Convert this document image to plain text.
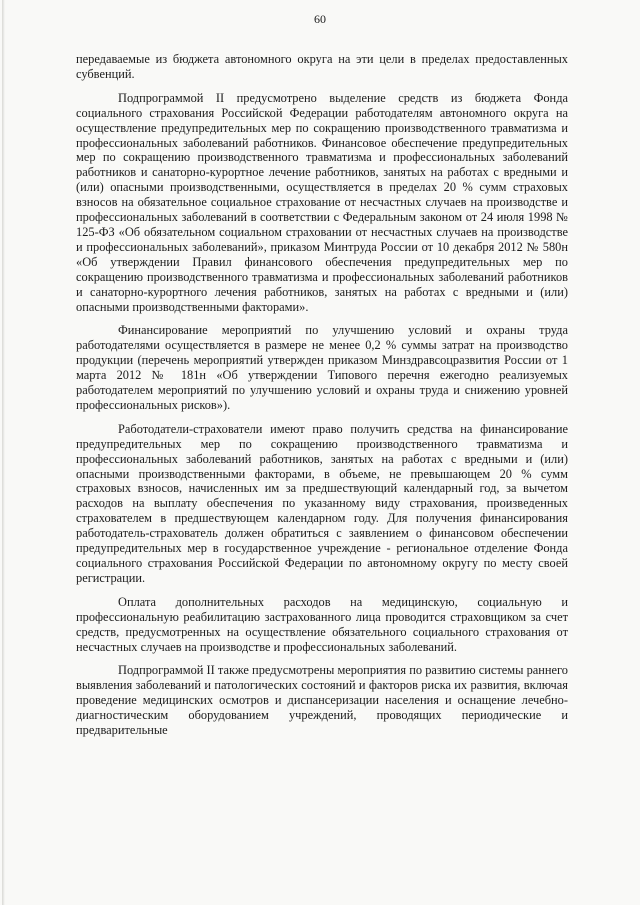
60

передаваемые из бюджета автономного округа на эти цели в пределах предоставленных субвенций.

Подпрограммой II предусмотрено выделение средств из бюджета Фонда социального страхования Российской Федерации работодателям автономного округа на осуществление предупредительных мер по сокращению производственного травматизма и профессиональных заболеваний работников. Финансовое обеспечение предупредительных мер по сокращению производственного травматизма и профессиональных заболеваний работников и санаторно-курортное лечение работников, занятых на работах с вредными и (или) опасными производственными, осуществляется в пределах 20 % сумм страховых взносов на обязательное социальное страхование от несчастных случаев на производстве и профессиональных заболеваний в соответствии с Федеральным законом от 24 июля 1998 № 125-ФЗ «Об обязательном социальном страховании от несчастных случаев на производстве и профессиональных заболеваний», приказом Минтруда России от 10 декабря 2012 № 580н «Об утверждении Правил финансового обеспечения предупредительных мер по сокращению производственного травматизма и профессиональных заболеваний работников и санаторно-курортного лечения работников, занятых на работах с вредными и (или) опасными производственными факторами».

Финансирование мероприятий по улучшению условий и охраны труда работодателями осуществляется в размере не менее 0,2 % суммы затрат на производство продукции (перечень мероприятий утвержден приказом Минздравсоцразвития России от 1 марта 2012 № 181н «Об утверждении Типового перечня ежегодно реализуемых работодателем мероприятий по улучшению условий и охраны труда и снижению уровней профессиональных рисков»).

Работодатели-страхователи имеют право получить средства на финансирование предупредительных мер по сокращению производственного травматизма и профессиональных заболеваний работников, занятых на работах с вредными и (или) опасными производственными факторами, в объеме, не превышающем 20 % сумм страховых взносов, начисленных им за предшествующий календарный год, за вычетом расходов на выплату обеспечения по указанному виду страхования, произведенных страхователем в предшествующем календарном году. Для получения финансирования работодатель-страхователь должен обратиться с заявлением о финансовом обеспечении предупредительных мер в государственное учреждение - региональное отделение Фонда социального страхования Российской Федерации по автономному округу по месту своей регистрации.

Оплата дополнительных расходов на медицинскую, социальную и профессиональную реабилитацию застрахованного лица проводится страховщиком за счет средств, предусмотренных на осуществление обязательного социального страхования от несчастных случаев на производстве и профессиональных заболеваний.

Подпрограммой II также предусмотрены мероприятия по развитию системы раннего выявления заболеваний и патологических состояний и факторов риска их развития, включая проведение медицинских осмотров и диспансеризации населения и оснащение лечебно-диагностическим оборудованием учреждений, проводящих периодические и предварительные
